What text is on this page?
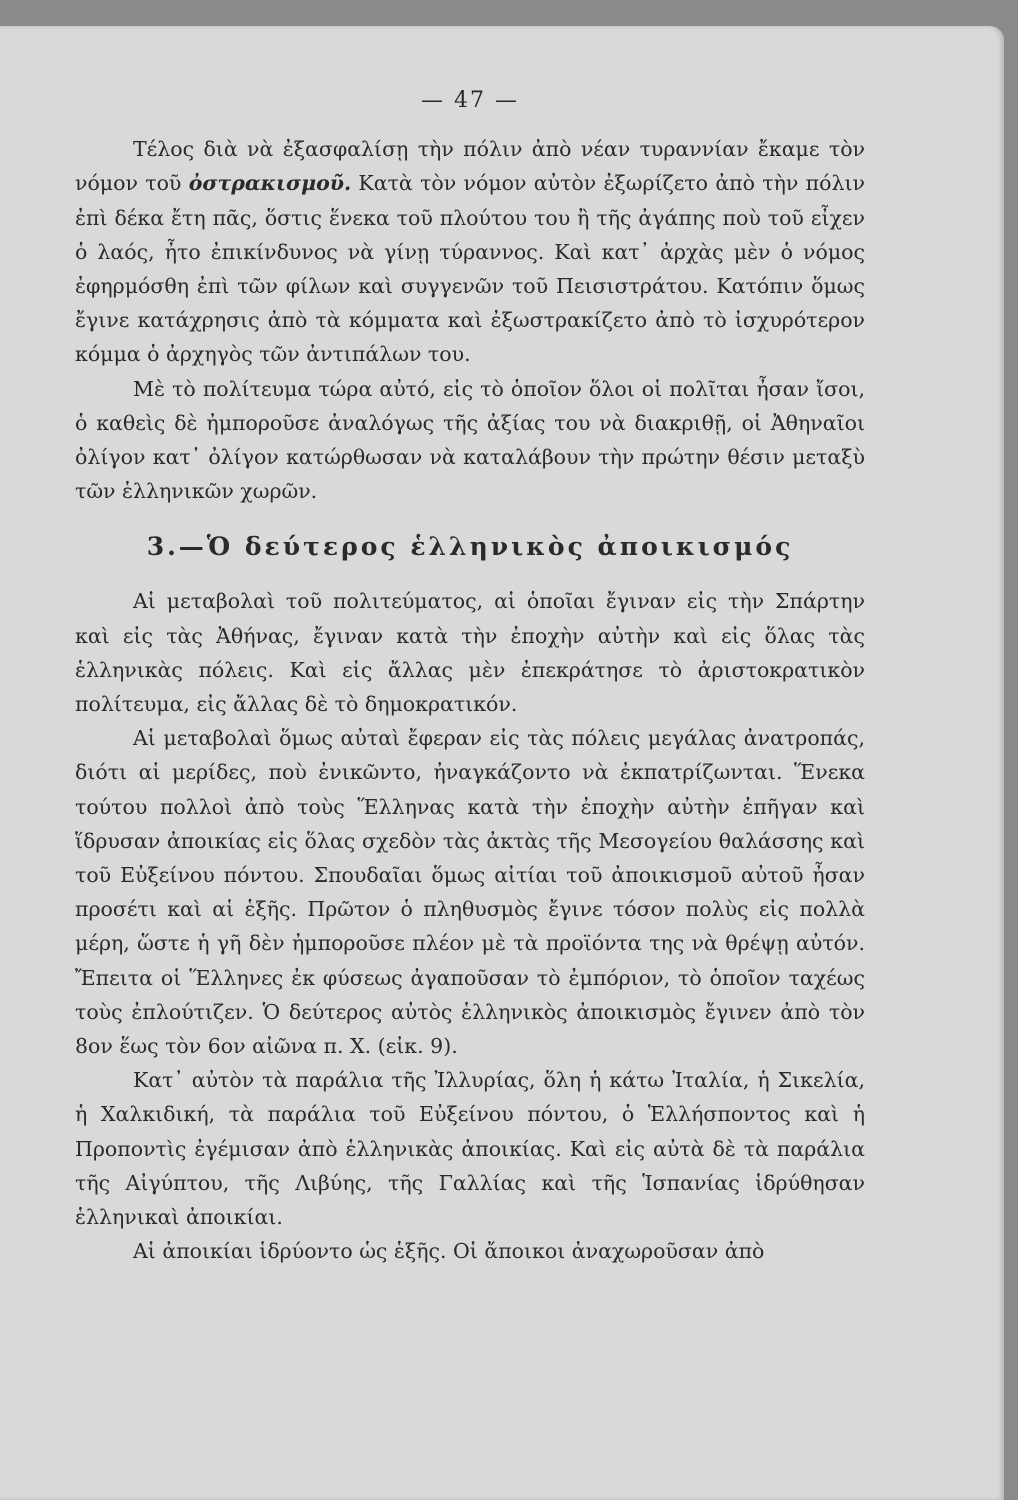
— 47 —

Τέλος διὰ νὰ ἐξασφαλίσῃ τὴν πόλιν ἀπὸ νέαν τυραννίαν ἔκαμε τὸν νόμον τοῦ ὀστρακισμοῦ. Κατὰ τὸν νόμον αὐτὸν ἐξωρίζετο ἀπὸ τὴν πόλιν ἐπὶ δέκα ἔτη πᾶς, ὅστις ἕνεκα τοῦ πλούτου του ἢ τῆς ἀγάπης ποὺ τοῦ εἶχεν ὁ λαός, ἦτο ἐπικίνδυνος νὰ γίνῃ τύραννος. Καὶ κατ᾽ ἀρχὰς μὲν ὁ νόμος ἐφηρμόσθη ἐπὶ τῶν φίλων καὶ συγγενῶν τοῦ Πεισιστράτου. Κατόπιν ὅμως ἔγινε κατάχρησις ἀπὸ τὰ κόμματα καὶ ἐξωστρακίζετο ἀπὸ τὸ ἰσχυρότερον κόμμα ὁ ἀρχηγὸς τῶν ἀντιπάλων του.

Μὲ τὸ πολίτευμα τώρα αὐτό, εἰς τὸ ὁποῖον ὅλοι οἱ πολῖται ἦσαν ἴσοι, ὁ καθεὶς δὲ ἠμποροῦσε ἀναλόγως τῆς ἀξίας του νὰ διακριθῇ, οἱ Ἀθηναῖοι ὀλίγον κατ᾽ ὀλίγον κατώρθωσαν νὰ καταλάβουν τὴν πρώτην θέσιν μεταξὺ τῶν ἑλληνικῶν χωρῶν.

3.—Ὁ δεύτερος ἑλληνικὸς ἀποικισμός

Αἱ μεταβολαὶ τοῦ πολιτεύματος, αἱ ὁποῖαι ἔγιναν εἰς τὴν Σπάρτην καὶ εἰς τὰς Ἀθήνας, ἔγιναν κατὰ τὴν ἐποχὴν αὐτὴν καὶ εἰς ὅλας τὰς ἑλληνικὰς πόλεις. Καὶ εἰς ἄλλας μὲν ἐπεκράτησε τὸ ἀριστοκρατικὸν πολίτευμα, εἰς ἄλλας δὲ τὸ δημοκρατικόν.

Αἱ μεταβολαὶ ὅμως αὐταὶ ἔφεραν εἰς τὰς πόλεις μεγάλας ἀνατροπάς, διότι αἱ μερίδες, ποὺ ἐνικῶντο, ἠναγκάζοντο νὰ ἐκπατρίζωνται. Ἕνεκα τούτου πολλοὶ ἀπὸ τοὺς Ἕλληνας κατὰ τὴν ἐποχὴν αὐτὴν ἐπῆγαν καὶ ἵδρυσαν ἀποικίας εἰς ὅλας σχεδὸν τὰς ἀκτὰς τῆς Μεσογείου θαλάσσης καὶ τοῦ Εὐξείνου πόντου. Σπουδαῖαι ὅμως αἰτίαι τοῦ ἀποικισμοῦ αὐτοῦ ἦσαν προσέτι καὶ αἱ ἑξῆς. Πρῶτον ὁ πληθυσμὸς ἔγινε τόσον πολὺς εἰς πολλὰ μέρη, ὥστε ἡ γῆ δὲν ἠμποροῦσε πλέον μὲ τὰ προϊόντα της νὰ θρέψῃ αὐτόν. Ἔπειτα οἱ Ἕλληνες ἐκ φύσεως ἀγαποῦσαν τὸ ἐμπόριον, τὸ ὁποῖον ταχέως τοὺς ἐπλούτιζεν. Ὁ δεύτερος αὐτὸς ἑλληνικὸς ἀποικισμὸς ἔγινεν ἀπὸ τὸν 8ον ἕως τὸν 6ον αἰῶνα π. Χ. (εἰκ. 9).

Κατ᾽ αὐτὸν τὰ παράλια τῆς Ἰλλυρίας, ὅλη ἡ κάτω Ἰταλία, ἡ Σικελία, ἡ Χαλκιδική, τὰ παράλια τοῦ Εὐξείνου πόντου, ὁ Ἑλλήσποντος καὶ ἡ Προποντὶς ἐγέμισαν ἀπὸ ἑλληνικὰς ἀποικίας. Καὶ εἰς αὐτὰ δὲ τὰ παράλια τῆς Αἰγύπτου, τῆς Λιβύης, τῆς Γαλλίας καὶ τῆς Ἱσπανίας ἱδρύθησαν ἑλληνικαὶ ἀποικίαι.

Αἱ ἀποικίαι ἱδρύοντο ὡς ἑξῆς. Οἱ ἄποικοι ἀναχωροῦσαν ἀπὸ
